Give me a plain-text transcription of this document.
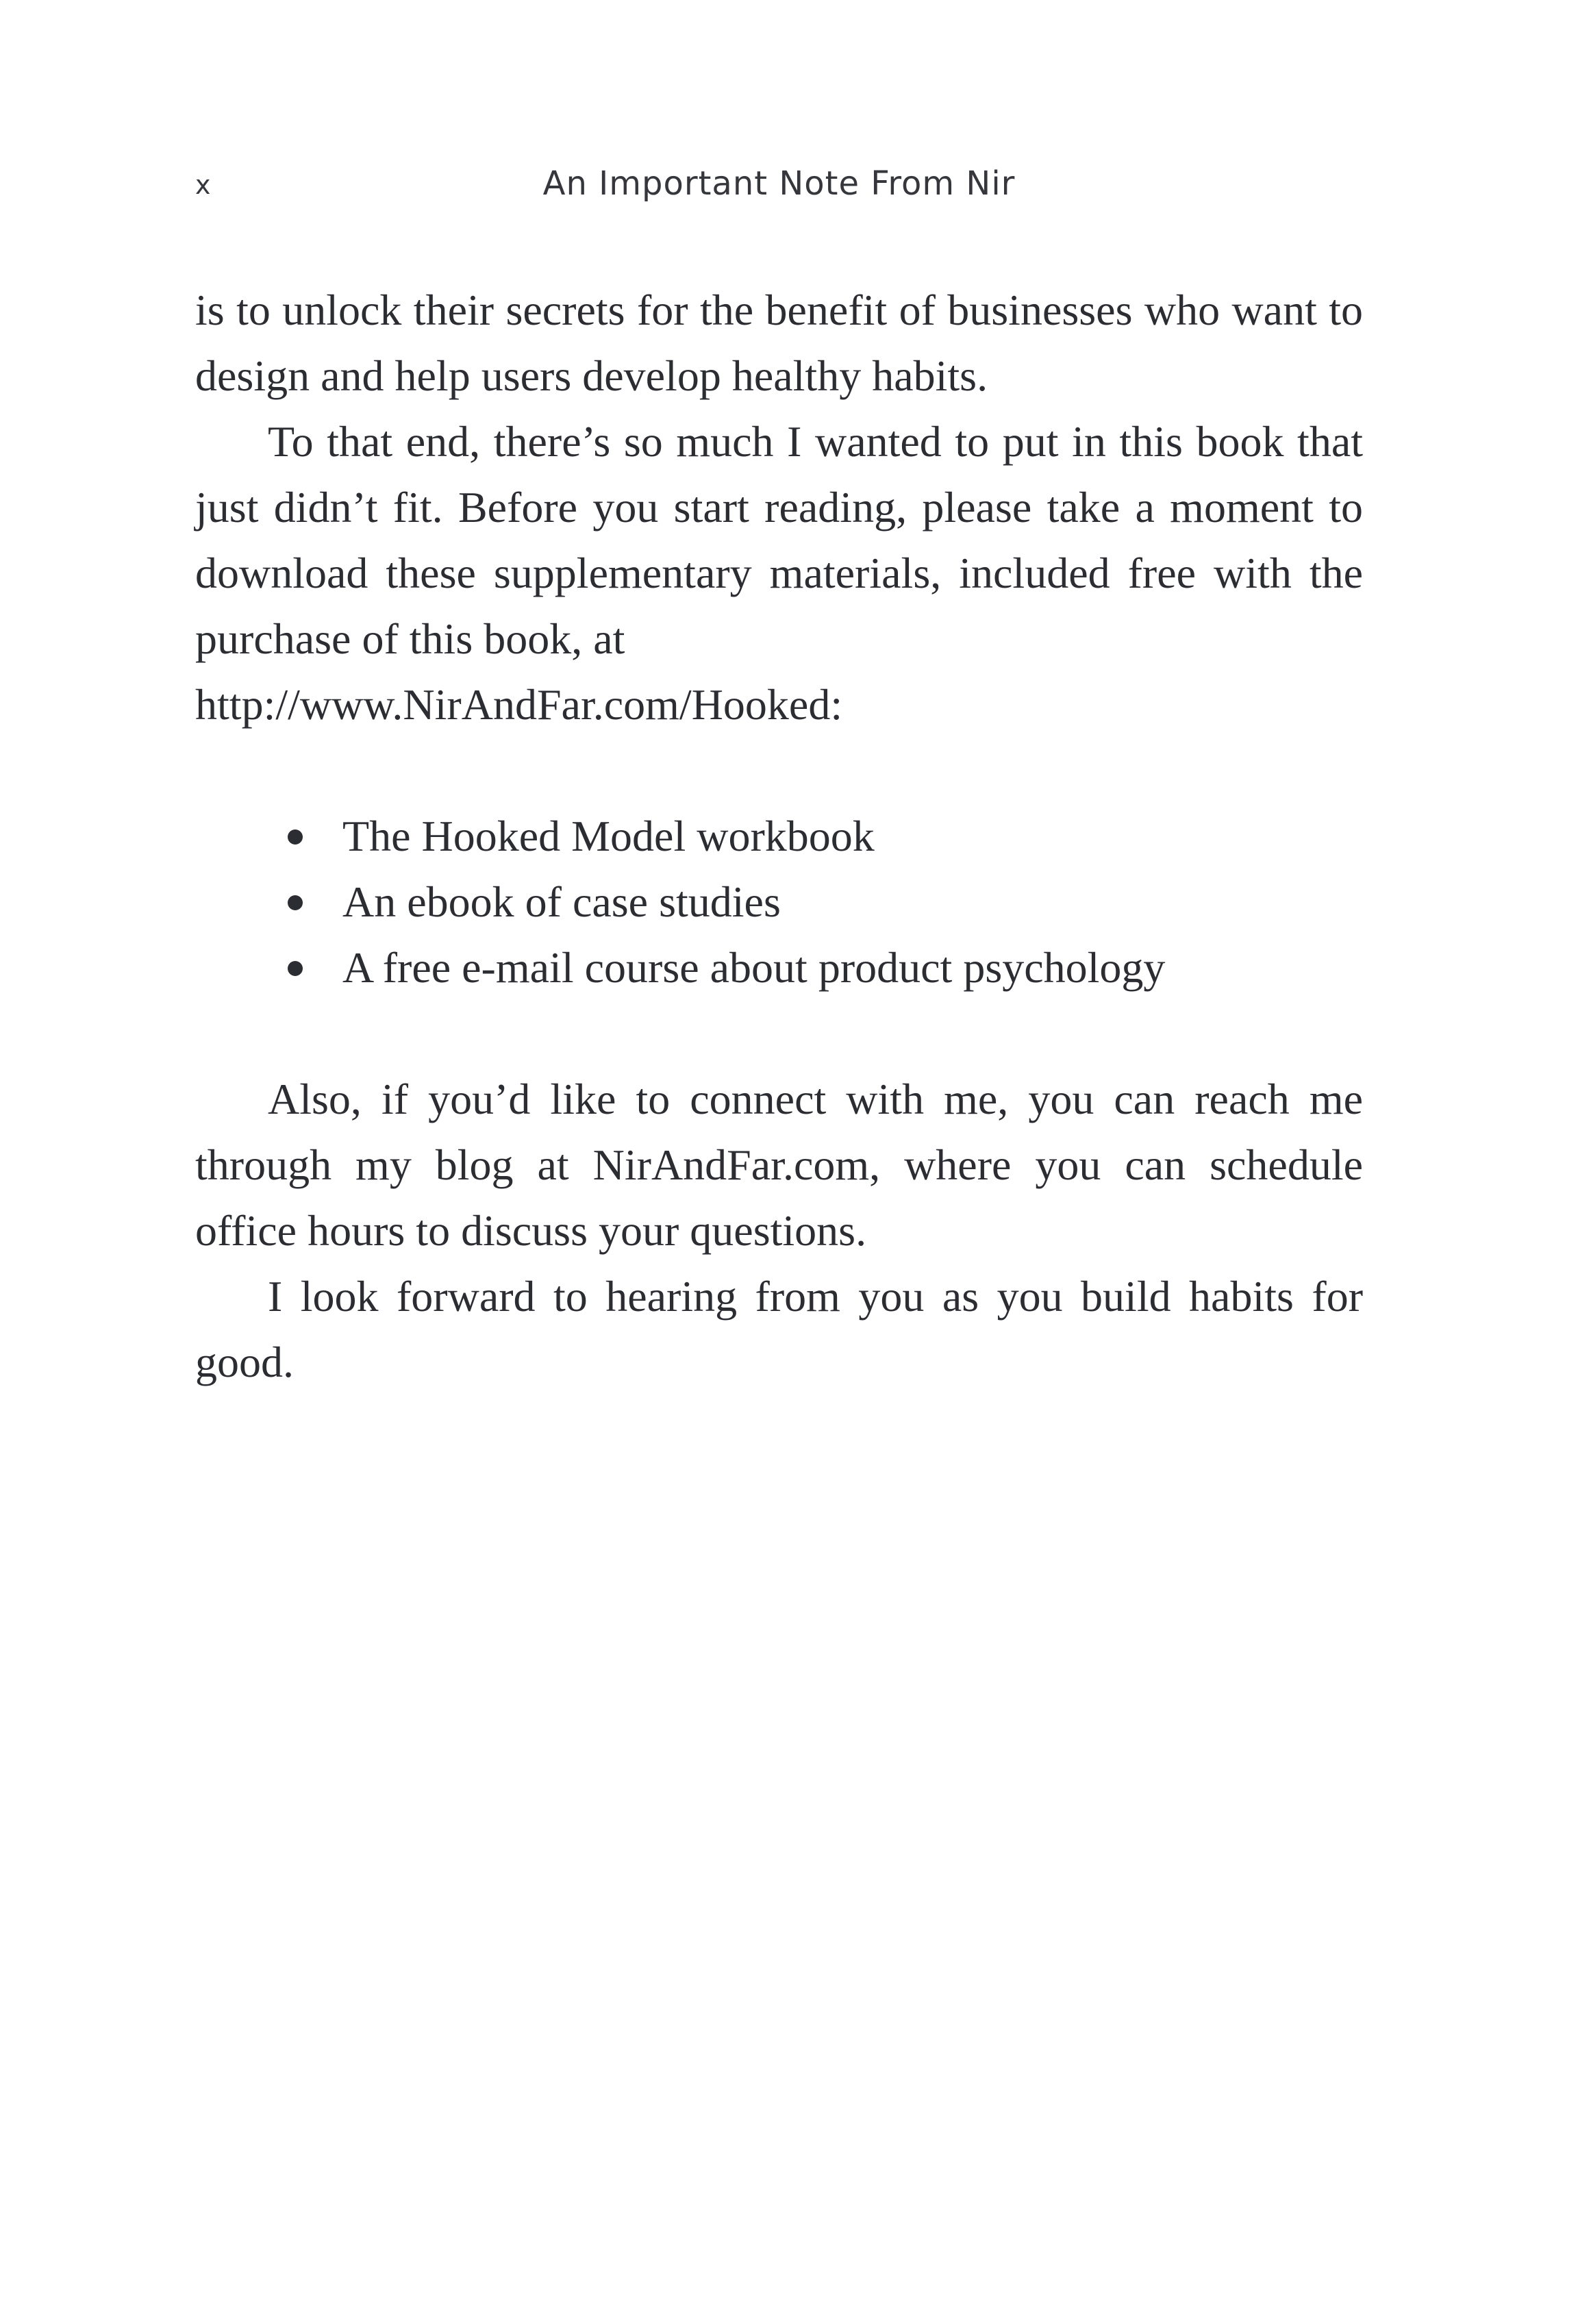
x	An Important Note From Nir

is to unlock their secrets for the benefit of businesses who want to design and help users develop healthy habits.

To that end, there’s so much I wanted to put in this book that just didn’t fit. Before you start reading, please take a moment to download these supplementary materials, included free with the purchase of this book, at

http://www.NirAndFar.com/Hooked:

The Hooked Model workbook
An ebook of case studies
A free e-mail course about product psychology

Also, if you’d like to connect with me, you can reach me through my blog at NirAndFar.com, where you can schedule office hours to discuss your questions.

I look forward to hearing from you as you build habits for good.
